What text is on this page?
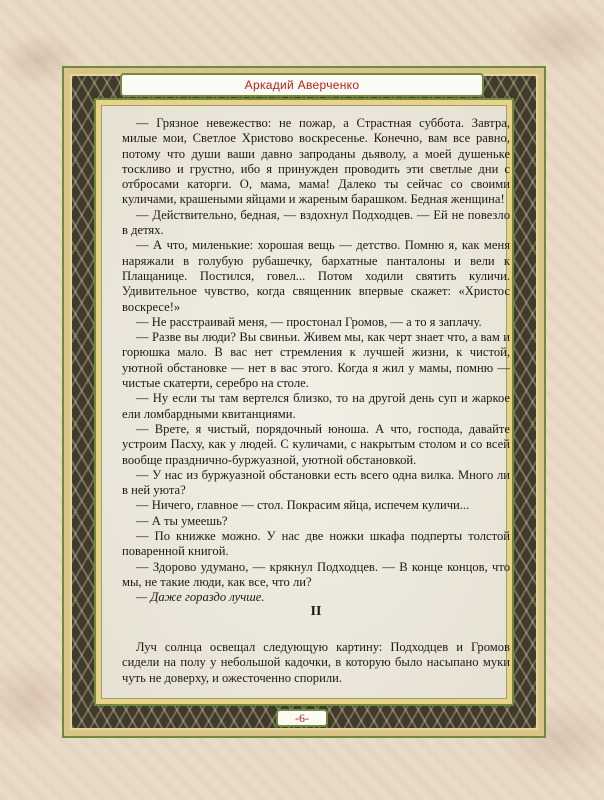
Аркадий Аверченко

— Грязное невежество: не пожар, а Страстная суббота. Завтра, милые мои, Светлое Христово воскресенье. Конечно, вам все равно, потому что души ваши давно запроданы дьяволу, а моей душеньке тоскливо и грустно, ибо я принужден проводить эти светлые дни с отбросами каторги. О, мама, мама! Далеко ты сейчас со своими куличами, крашеными яйцами и жареным барашком. Бедная женщина!

— Действительно, бедная, — вздохнул Подходцев. — Ей не повезло в детях.

— А что, миленькие: хорошая вещь — детство. Помню я, как меня наряжали в голубую рубашечку, бархатные панталоны и вели к Плащанице. Постился, говел... Потом ходили святить куличи. Удивительное чувство, когда священник впервые скажет: «Христос воскресе!»

— Не расстраивай меня, — простонал Громов, — а то я заплачу.

— Разве вы люди? Вы свиньи. Живем мы, как черт знает что, а вам и горюшка мало. В вас нет стремления к лучшей жизни, к чистой, уютной обстановке — нет в вас этого. Когда я жил у мамы, помню — чистые скатерти, серебро на столе.

— Ну если ты там вертелся близко, то на другой день суп и жаркое ели ломбардными квитанциями.

— Врете, я чистый, порядочный юноша. А что, господа, давайте устроим Пасху, как у людей. С куличами, с накрытым столом и со всей вообще празднично-буржуазной, уютной обстановкой.

— У нас из буржуазной обстановки есть всего одна вилка. Много ли в ней уюта?

— Ничего, главное — стол. Покрасим яйца, испечем куличи...

— А ты умеешь?

— По книжке можно. У нас две ножки шкафа подперты толстой поваренной книгой.

— Здорово удумано, — крякнул Подходцев. — В конце концов, что мы, не такие люди, как все, что ли?

— Даже гораздо лучше.

II

Луч солнца освещал следующую картину: Подходцев и Громов сидели на полу у небольшой кадочки, в которую было насыпано муки чуть не доверху, и ожесточенно спорили.

-6-
